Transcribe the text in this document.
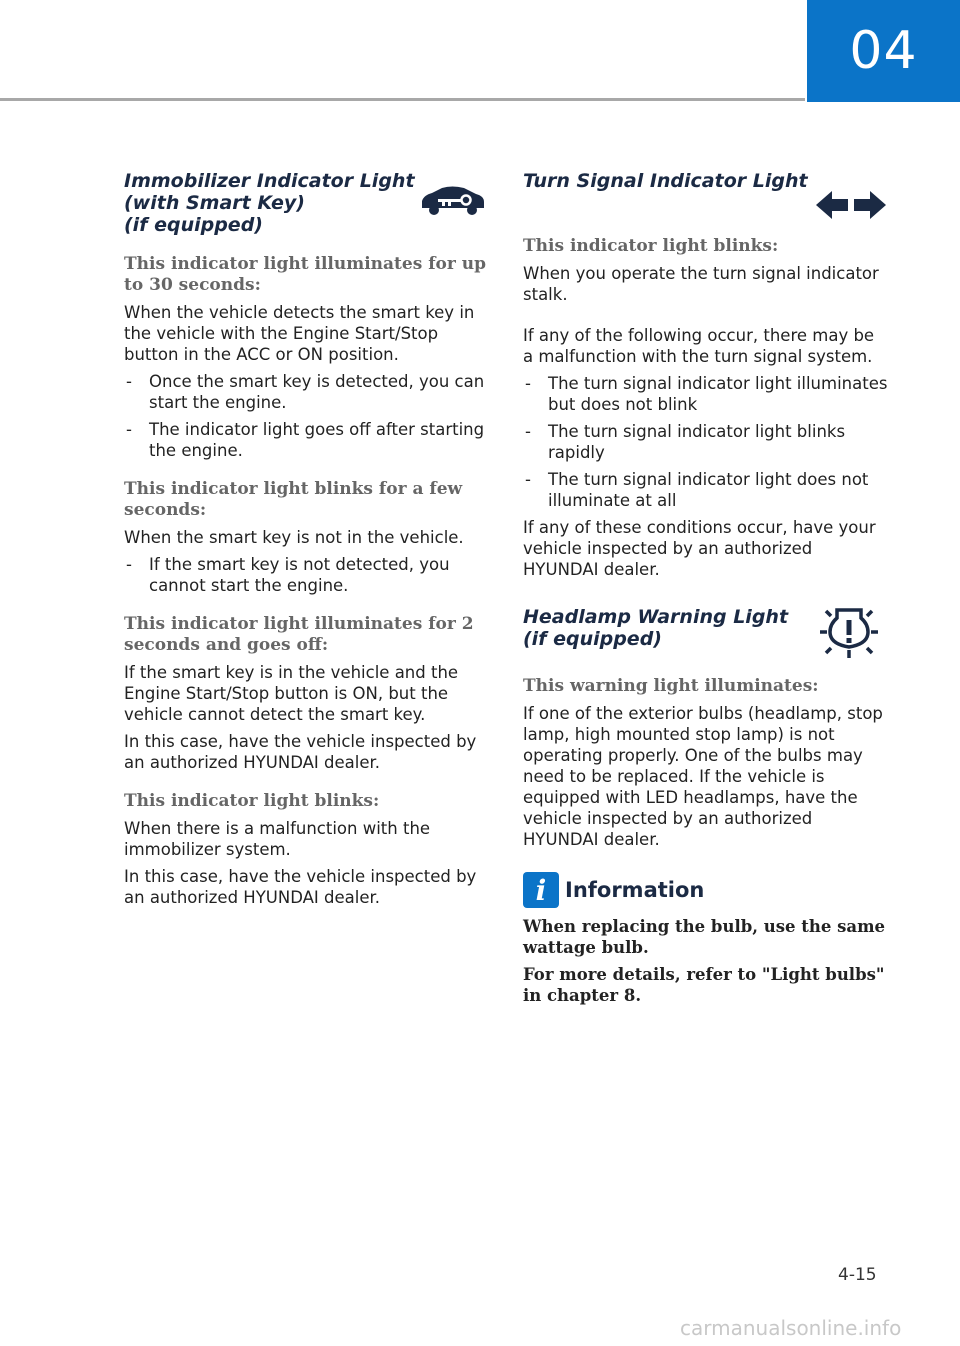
04
Immobilizer Indicator Light
(with Smart Key)
(if equipped)

This indicator light illuminates for up to 30 seconds:

When the vehicle detects the smart key in the vehicle with the Engine Start/Stop button in the ACC or ON position.

- Once the smart key is detected, you can start the engine.

- The indicator light goes off after starting the engine.

This indicator light blinks for a few seconds:

When the smart key is not in the vehicle.

- If the smart key is not detected, you cannot start the engine.

This indicator light illuminates for 2 seconds and goes off:

If the smart key is in the vehicle and the Engine Start/Stop button is ON, but the vehicle cannot detect the smart key.

In this case, have the vehicle inspected by an authorized HYUNDAI dealer.

This indicator light blinks:

When there is a malfunction with the immobilizer system.

In this case, have the vehicle inspected by an authorized HYUNDAI dealer.

Turn Signal Indicator Light

This indicator light blinks:

When you operate the turn signal indicator stalk.

If any of the following occur, there may be a malfunction with the turn signal system.

- The turn signal indicator light illuminates but does not blink

- The turn signal indicator light blinks rapidly

- The turn signal indicator light does not illuminate at all

If any of these conditions occur, have your vehicle inspected by an authorized HYUNDAI dealer.

Headlamp Warning Light
(if equipped)

This warning light illuminates:

If one of the exterior bulbs (headlamp, stop lamp, high mounted stop lamp) is not operating properly. One of the bulbs may need to be replaced. If the vehicle is equipped with LED headlamps, have the vehicle inspected by an authorized HYUNDAI dealer.

i Information

When replacing the bulb, use the same wattage bulb.

For more details, refer to "Light bulbs" in chapter 8.

4-15
carmanualsonline.info
